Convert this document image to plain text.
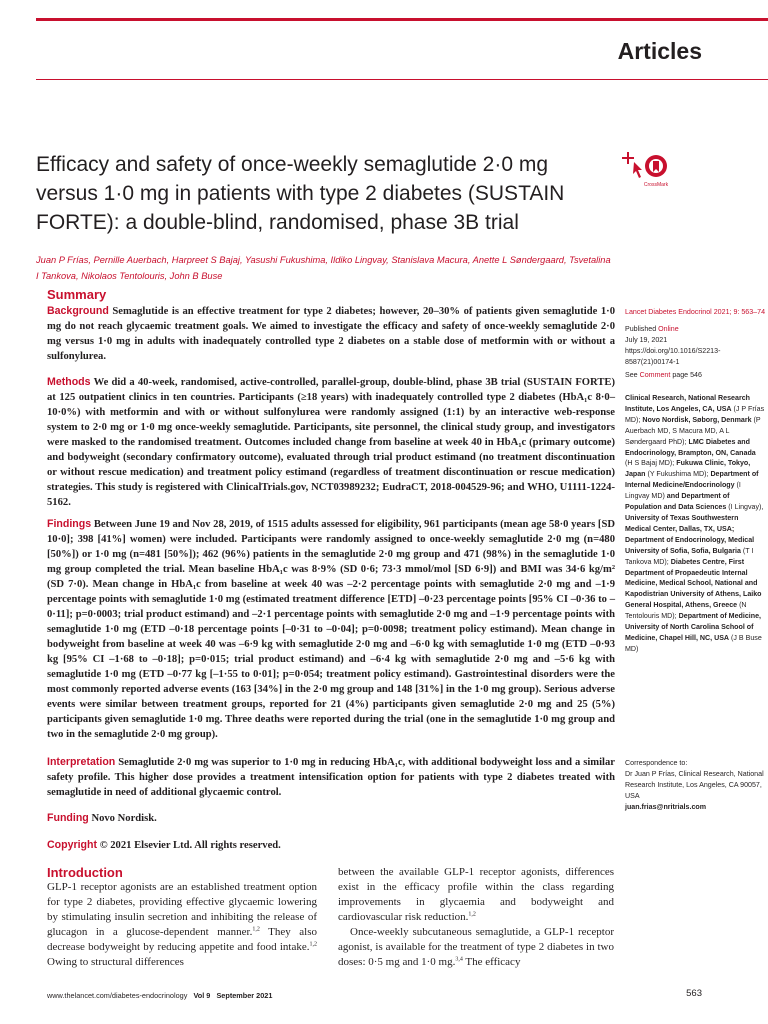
Articles
Efficacy and safety of once-weekly semaglutide 2·0 mg versus 1·0 mg in patients with type 2 diabetes (SUSTAIN FORTE): a double-blind, randomised, phase 3B trial
CrossMark
Juan P Frías, Pernille Auerbach, Harpreet S Bajaj, Yasushi Fukushima, Ildiko Lingvay, Stanislava Macura, Anette L Søndergaard, Tsvetalina I Tankova, Nikolaos Tentolouris, John B Buse
Summary
Background Semaglutide is an effective treatment for type 2 diabetes; however, 20–30% of patients given semaglutide 1·0 mg do not reach glycaemic treatment goals. We aimed to investigate the efficacy and safety of once-weekly semaglutide 2·0 mg versus 1·0 mg in adults with inadequately controlled type 2 diabetes on a stable dose of metformin with or without a sulfonylurea.
Methods We did a 40-week, randomised, active-controlled, parallel-group, double-blind, phase 3B trial (SUSTAIN FORTE) at 125 outpatient clinics in ten countries. Participants (≥18 years) with inadequately controlled type 2 diabetes (HbA₁c 8·0–10·0%) with metformin and with or without sulfonylurea were randomly assigned (1:1) by an interactive web-response system to 2·0 mg or 1·0 mg once-weekly semaglutide. Participants, site personnel, the clinical study group, and investigators were masked to the randomised treatment. Outcomes included change from baseline at week 40 in HbA₁c (primary outcome) and bodyweight (secondary confirmatory outcome), evaluated through trial product estimand (no treatment discontinuation or without rescue medication) and treatment policy estimand (regardless of treatment discontinuation or rescue medication) strategies. This study is registered with ClinicalTrials.gov, NCT03989232; EudraCT, 2018-004529-96; and WHO, U1111-1224-5162.
Findings Between June 19 and Nov 28, 2019, of 1515 adults assessed for eligibility, 961 participants (mean age 58·0 years [SD 10·0]; 398 [41%] women) were included. Participants were randomly assigned to once-weekly semaglutide 2·0 mg (n=480 [50%]) or 1·0 mg (n=481 [50%]); 462 (96%) patients in the semaglutide 2·0 mg group and 471 (98%) in the semaglutide 1·0 mg group completed the trial. Mean baseline HbA₁c was 8·9% (SD 0·6; 73·3 mmol/mol [SD 6·9]) and BMI was 34·6 kg/m² (SD 7·0). Mean change in HbA₁c from baseline at week 40 was –2·2 percentage points with semaglutide 2·0 mg and –1·9 percentage points with semaglutide 1·0 mg (estimated treatment difference [ETD] –0·23 percentage points [95% CI –0·36 to –0·11]; p=0·0003; trial product estimand) and –2·1 percentage points with semaglutide 2·0 mg and –1·9 percentage points with semaglutide 1·0 mg (ETD –0·18 percentage points [–0·31 to –0·04]; p=0·0098; treatment policy estimand). Mean change in bodyweight from baseline at week 40 was –6·9 kg with semaglutide 2·0 mg and –6·0 kg with semaglutide 1·0 mg (ETD –0·93 kg [95% CI –1·68 to –0·18]; p=0·015; trial product estimand) and –6·4 kg with semaglutide 2·0 mg and –5·6 kg with semaglutide 1·0 mg (ETD –0·77 kg [–1·55 to 0·01]; p=0·054; treatment policy estimand). Gastrointestinal disorders were the most commonly reported adverse events (163 [34%] in the 2·0 mg group and 148 [31%] in the 1·0 mg group). Serious adverse events were similar between treatment groups, reported for 21 (4%) participants given semaglutide 2·0 mg and 25 (5%) participants given semaglutide 1·0 mg. Three deaths were reported during the trial (one in the semaglutide 1·0 mg group and two in the semaglutide 2·0 mg group).
Interpretation Semaglutide 2·0 mg was superior to 1·0 mg in reducing HbA₁c, with additional bodyweight loss and a similar safety profile. This higher dose provides a treatment intensification option for patients with type 2 diabetes treated with semaglutide in need of additional glycaemic control.
Funding Novo Nordisk.
Copyright © 2021 Elsevier Ltd. All rights reserved.
Lancet Diabetes Endocrinol 2021; 9: 563–74
Published Online
July 19, 2021
https://doi.org/10.1016/S2213-8587(21)00174-1
See Comment page 546
Clinical Research, National Research Institute, Los Angeles, CA, USA (J P Frías MD); Novo Nordisk, Søborg, Denmark (P Auerbach MD, S Macura MD, A L Søndergaard PhD); LMC Diabetes and Endocrinology, Brampton, ON, Canada (H S Bajaj MD); Fukuwa Clinic, Tokyo, Japan (Y Fukushima MD); Department of Internal Medicine/Endocrinology (I Lingvay MD) and Department of Population and Data Sciences (I Lingvay), University of Texas Southwestern Medical Center, Dallas, TX, USA; Department of Endocrinology, Medical University of Sofia, Sofia, Bulgaria (T I Tankova MD); Diabetes Centre, First Department of Propaedeutic Internal Medicine, Medical School, National and Kapodistrian University of Athens, Laiko General Hospital, Athens, Greece (N Tentolouris MD); Department of Medicine, University of North Carolina School of Medicine, Chapel Hill, NC, USA (J B Buse MD)
Correspondence to:
Dr Juan P Frías, Clinical Research, National Research Institute, Los Angeles, CA 90057, USA
juan.frias@nritrials.com
Introduction
GLP-1 receptor agonists are an established treatment option for type 2 diabetes, providing effective glycaemic lowering by stimulating insulin secretion and inhibiting the release of glucagon in a glucose-dependent manner.$^{1,2}$ They also decrease bodyweight by reducing appetite and food intake.$^{1,2}$ Owing to structural differences
between the available GLP-1 receptor agonists, differences exist in the efficacy profile within the class regarding improvements in glycaemia and bodyweight and cardiovascular risk reduction.$^{1,2}$
Once-weekly subcutaneous semaglutide, a GLP-1 receptor agonist, is available for the treatment of type 2 diabetes in two doses: 0·5 mg and 1·0 mg.$^{3,4}$ The efficacy
www.thelancet.com/diabetes-endocrinology Vol 9 September 2021	563
